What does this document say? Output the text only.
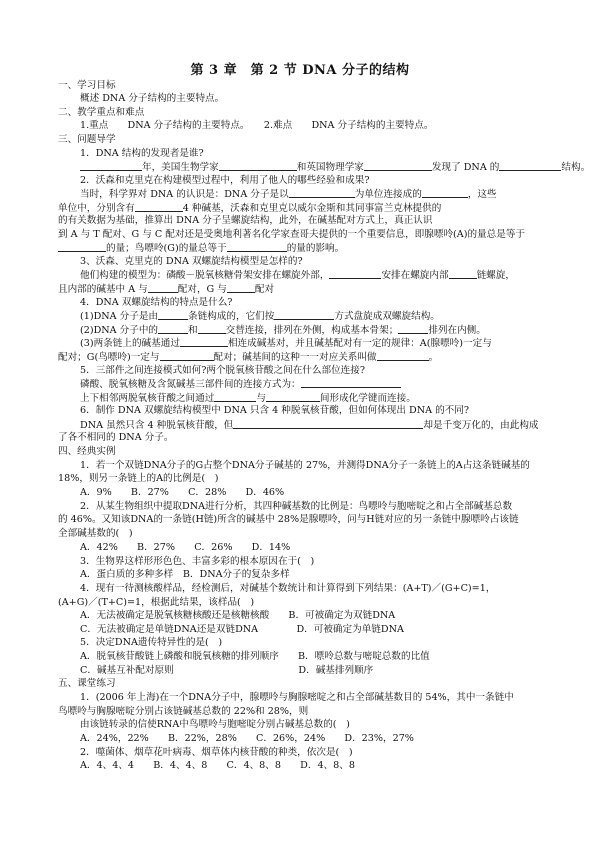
第 3 章　第 2 节 DNA 分子的结构
一、学习目标
概述 DNA 分子结构的主要特点。
二、教学重点和难点
1.重点　　DNA 分子结构的主要特点。　　2.难点　　DNA 分子结构的主要特点。
三、问题导学
1．DNA 结构的发现者是谁?
年，美国生物学家	和英国物理学家	发现了 DNA 的	结构。
2．沃森和克里克在构建模型过程中，利用了他人的哪些经验和成果?
当时，科学界对 DNA 的认识是：DNA 分子是以	为单位连接成的	，这些
单位中，分别含有	4 种碱基，沃森和克里克以威尔金斯和其同事富兰克林提供的
的有关数据为基础，推算出 DNA 分子呈螺旋结构，此外，在碱基配对方式上，真正认识
到 A 与 T 配对、G 与 C 配对还是受奥地利著名化学家查哥夫提供的一个重要信息，即腺嘌呤(A)的量总是等于
的量；鸟嘌呤(G)的量总等于	的量的影响。
3、沃森、克里克的 DNA 双螺旋结构模型是怎样的?
他们构建的模型为：磷酸－脱氧核糖骨架安排在螺旋外部，	安排在螺旋内部	链螺旋，
且内部的碱基中 A 与	配对，G 与	配对
4．DNA 双螺旋结构的特点是什么?
(1)DNA 分子是由	条链构成的，它们按	方式盘旋成双螺旋结构。
(2)DNA 分子中的	和	交替连接，排列在外侧，构成基本骨架；	排列在内侧。
(3)两条链上的碱基通过	相连成碱基对，并且碱基配对有一定的规律：A(腺嘌呤)一定与
配对；G(鸟嘌呤)一定与	配对；碱基间的这种一一对应关系叫做	。
5．三部件之间连接模式如何?两个脱氧核苷酸之间在什么部位连接?
磷酸、脱氧核糖及含氮碱基三部件间的连接方式为：
上下相邻两脱氧核苷酸之间通过	与	间形成化学键而连接。
6．制作 DNA 双螺旋结构模型中 DNA 只含 4 种脱氧核苷酸，但如何体现出 DNA 的不同?
DNA 虽然只含 4 种脱氧核苷酸，但	却是千变万化的，由此构成
了各不相同的 DNA 分子。
四、经典实例
1．若一个双链DNA分子的G占整个DNA分子碱基的 27%，并测得DNA分子一条链上的A占这条链碱基的
18%，则另一条链上的A的比例是(　)
A．9%　　B．27%　　C．28%　　D．46%
2．从某生物组织中提取DNA进行分析，其四种碱基数的比例是：鸟嘌呤与胞嘧啶之和占全部碱基总数
的 46%。又知该DNA的一条链(H链)所含的碱基中 28%是腺嘌呤，问与H链对应的另一条链中腺嘌呤占该链
全部碱基数的(　)
A．42%　　B．27%　　C．26%　　D．14%
3．生物界这样形形色色、丰富多彩的根本原因在于(　)
A．蛋白质的多种多样　B．DNA分子的复杂多样
4．现有一待测核酸样品，经检测后，对碱基个数统计和计算得到下列结果：(A+T)／(G+C)=1，
(A+G)／(T+C)=1，根据此结果，该样品(　)
A．无法被确定是脱氧核糖核酸还是核糖核酸　　B．可被确定为双链DNA
C．无法被确定是单链DNA还是双链DNA　　　　D．可被确定为单链DNA
5．决定DNA遗传特异性的是(　)
A．脱氧核苷酸链上磷酸和脱氧核糖的排列顺序　　B．嘌呤总数与嘧啶总数的比值
C．碱基互补配对原则　　　　　　　　　　　　　D．碱基排列顺序
五、课堂练习
1．(2006 年上海)在一个DNA分子中，腺嘌呤与胸腺嘧啶之和占全部碱基数目的 54%，其中一条链中
鸟嘌呤与胸腺嘧啶分别占该链碱基总数的 22%和 28%，则
由该链转录的信使RNA中鸟嘌呤与胞嘧啶分别占碱基总数的(　)
A．24%，22%　　B．22%，28%　　C．26%，24%　　D．23%，27%
2．噬菌体、烟草花叶病毒、烟草体内核苷酸的种类，依次是(　)
A．4、4、4　　B．4、4、8　　C．4、8、8　　D．4、8、8
